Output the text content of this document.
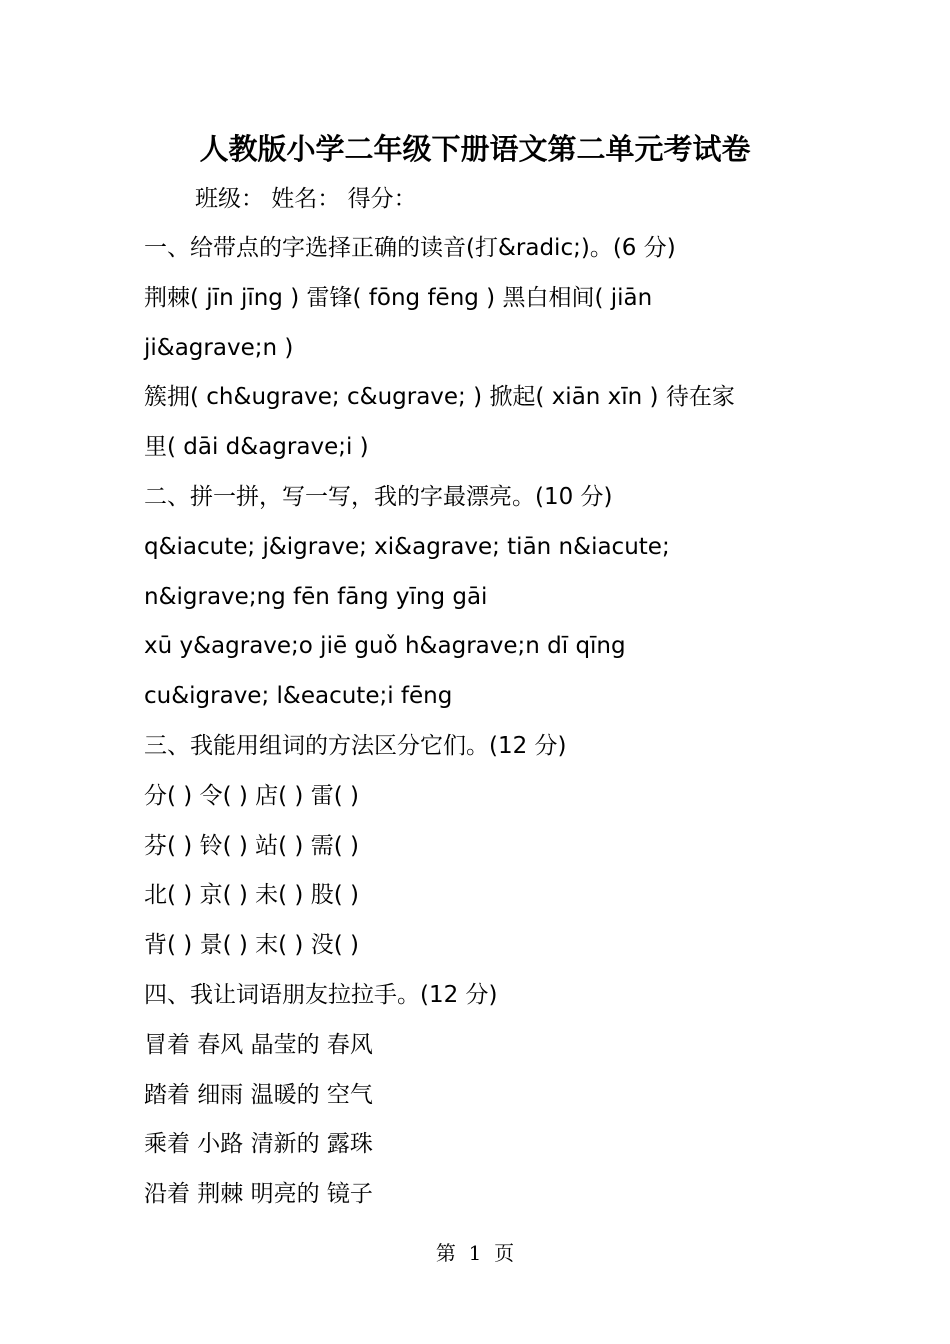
人教版小学二年级下册语文第二单元考试卷
班级： 姓名： 得分：
一、给带点的字选择正确的读音(打&radic;)。(6 分)
荆棘( jīn jīng ) 雷锋( fōng fēng ) 黑白相间( jiān
ji&agrave;n )
簇拥( ch&ugrave; c&ugrave; ) 掀起( xiān xīn ) 待在家
里( dāi d&agrave;i )
二、拼一拼，写一写，我的字最漂亮。(10 分)
q&iacute; j&igrave; xi&agrave; tiān n&iacute;
n&igrave;ng fēn fāng yīng gāi
xū y&agrave;o jiē guǒ h&agrave;n dī qīng
cu&igrave; l&eacute;i fēng
三、我能用组词的方法区分它们。(12 分)
分( ) 令( ) 店( ) 雷( )
芬( ) 铃( ) 站( ) 需( )
北( ) 京( ) 未( ) 股( )
背( ) 景( ) 末( ) 没( )
四、我让词语朋友拉拉手。(12 分)
冒着 春风 晶莹的 春风
踏着 细雨 温暖的 空气
乘着 小路 清新的 露珠
沿着 荆棘 明亮的 镜子
第  1  页
